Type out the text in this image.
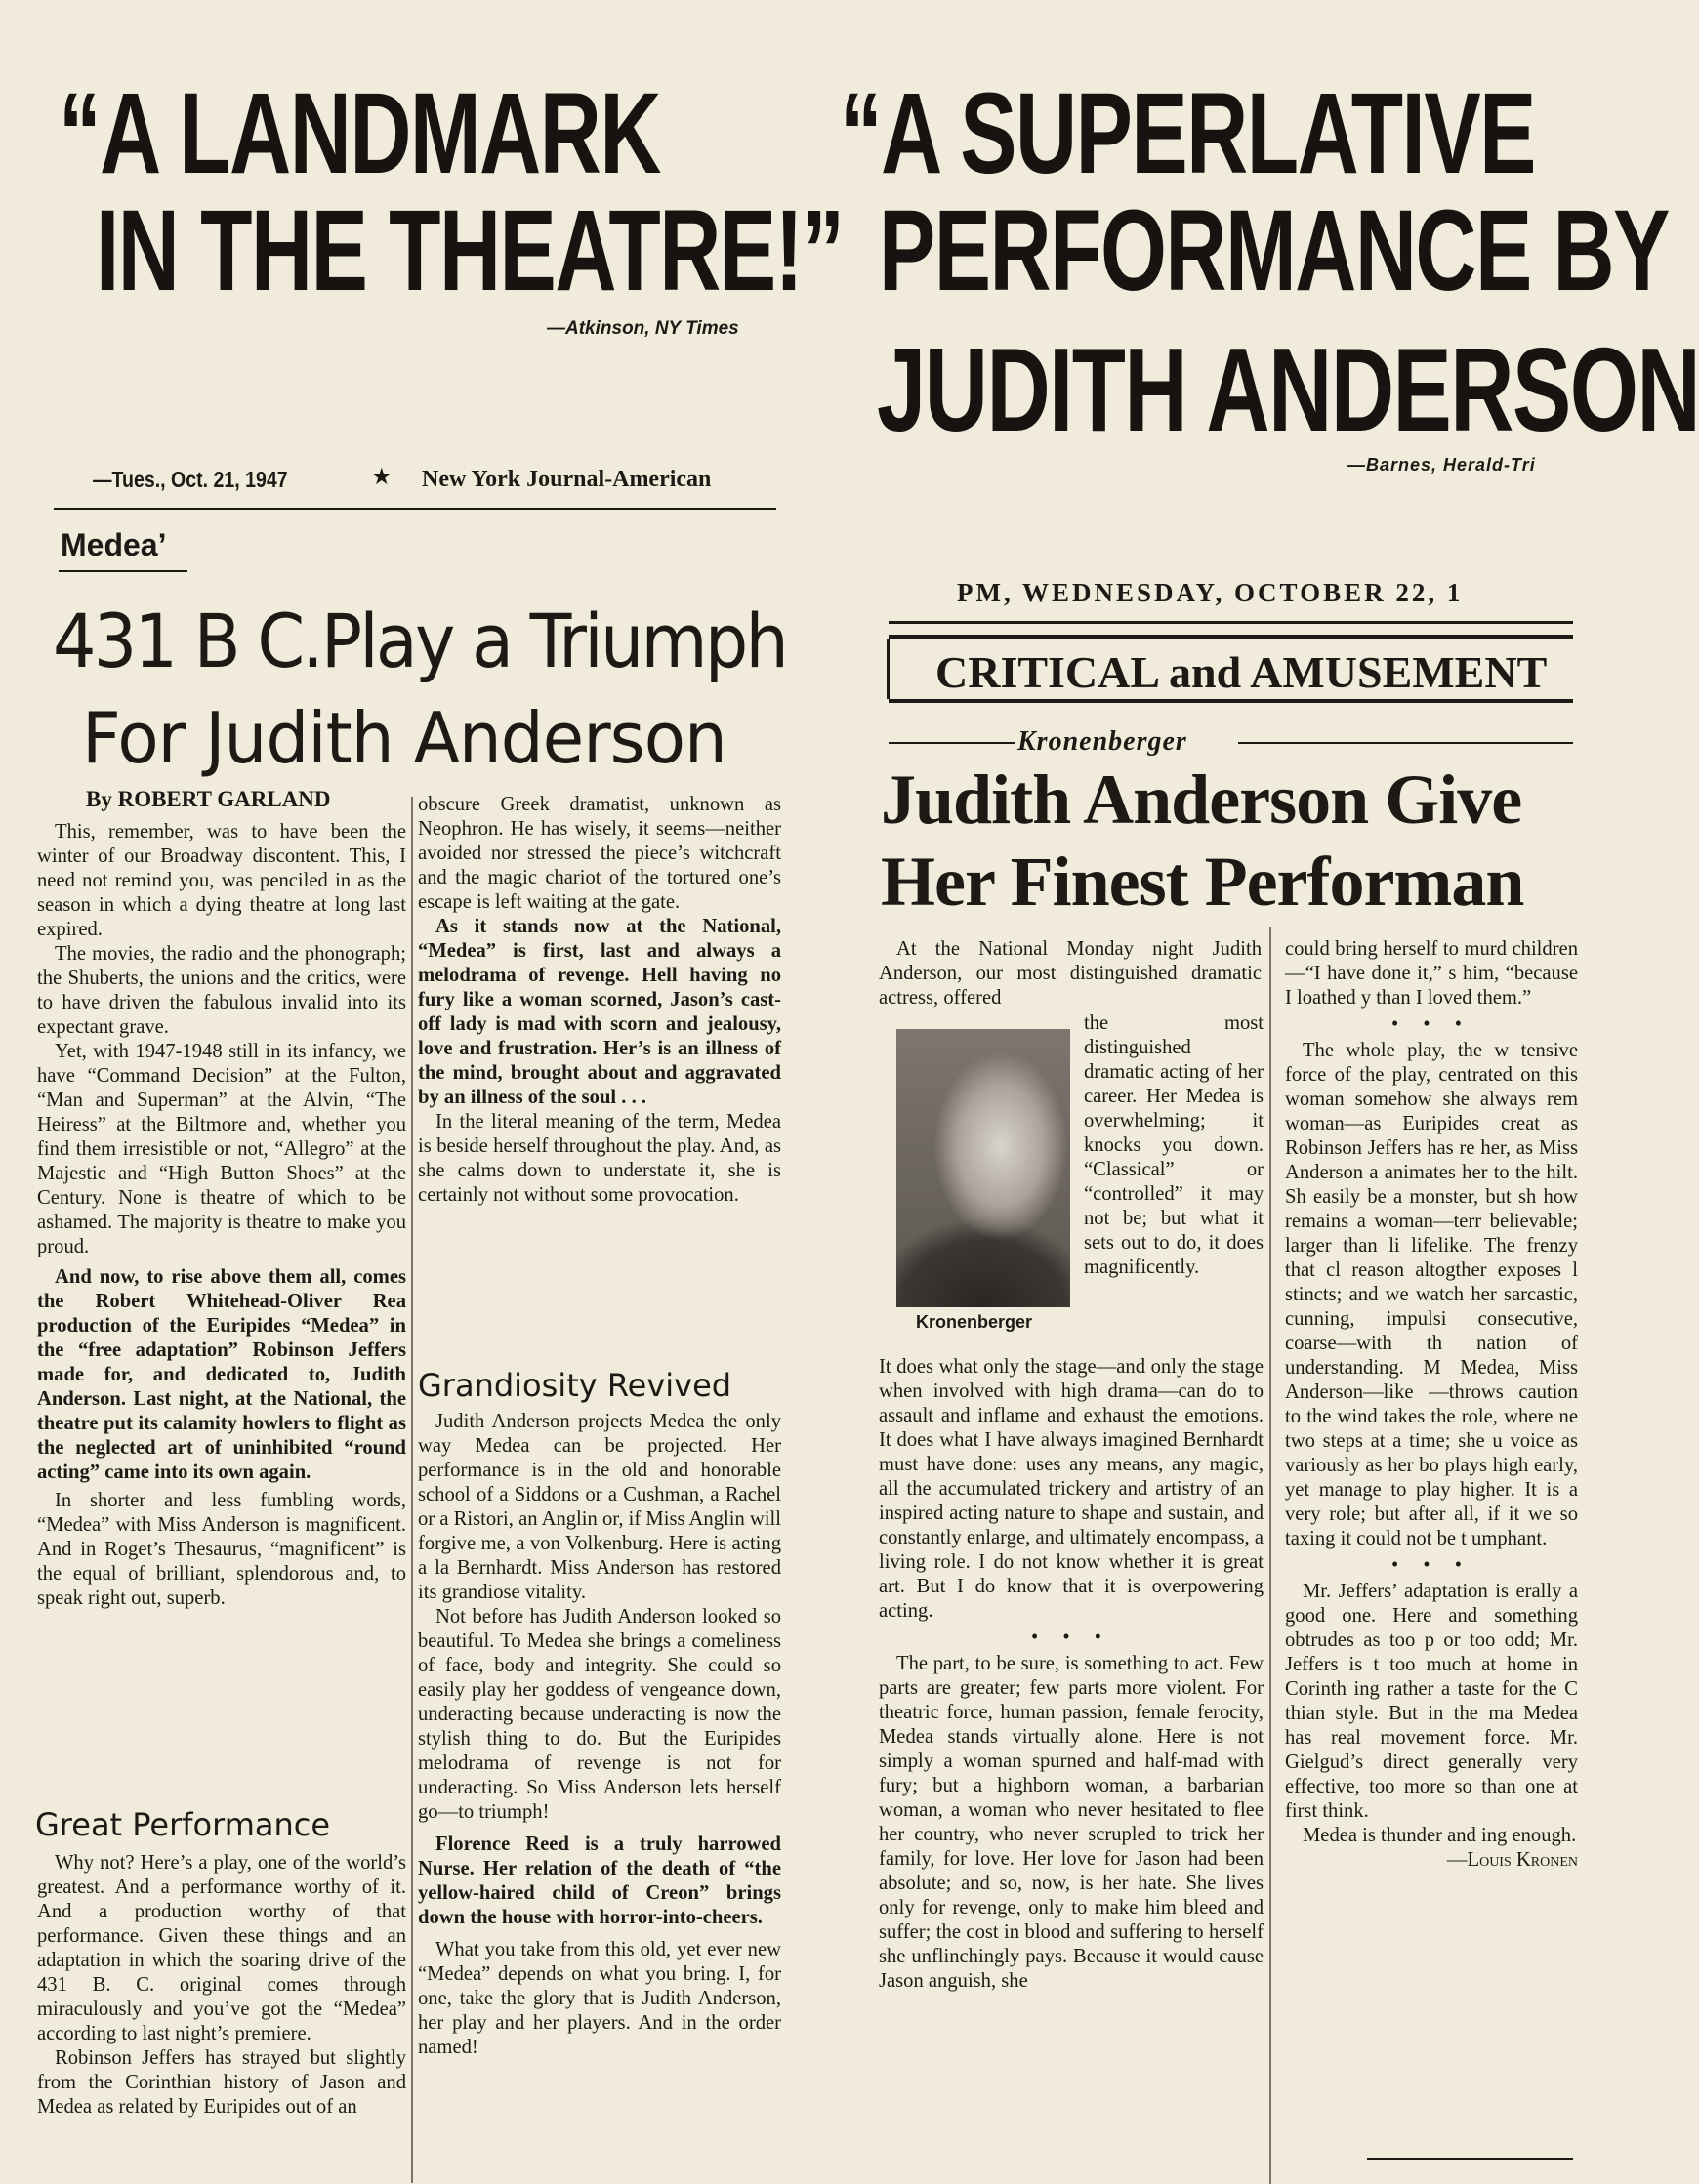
“A LANDMARK
IN THE THEATRE!”
—Atkinson, NY Times
“A SUPERLATIVE
PERFORMANCE BY
JUDITH ANDERSON
—Barnes, Herald-Tri
—Tues., Oct. 21, 1947	★ New York Journal-American
Medea’
431 B C.Play a Triumph
For Judith Anderson
By ROBERT GARLAND

This, remember, was to have been the winter of our Broadway discontent. This, I need not remind you, was penciled in as the season in which a dying theatre at long last expired.

The movies, the radio and the phonograph; the Shuberts, the unions and the critics, were to have driven the fabulous invalid into its expectant grave.

Yet, with 1947-1948 still in its infancy, we have “Command Decision” at the Fulton, “Man and Superman” at the Alvin, “The Heiress” at the Biltmore and, whether you find them irresistible or not, “Allegro” at the Majestic and “High Button Shoes” at the Century. None is theatre of which to be ashamed. The majority is theatre to make you proud.

And now, to rise above them all, comes the Robert Whitehead-Oliver Rea production of the Euripides “Medea” in the “free adaptation” Robinson Jeffers made for, and dedicated to, Judith Anderson. Last night, at the National, the theatre put its calamity howlers to flight as the neglected art of uninhibited “round acting” came into its own again.

In shorter and less fumbling words, “Medea” with Miss Anderson is magnificent. And in Roget’s Thesaurus, “magnificent” is the equal of brilliant, splendorous and, to speak right out, superb.

Great Performance

Why not? Here’s a play, one of the world’s greatest. And a performance worthy of it. And a production worthy of that performance. Given these things and an adaptation in which the soaring drive of the 431 B. C. original comes through miraculously and you’ve got the “Medea” according to last night’s premiere.

Robinson Jeffers has strayed but slightly from the Corinthian history of Jason and Medea as related by Euripides out of an

obscure Greek dramatist, unknown as Neophron. He has wisely, it seems—neither avoided nor stressed the piece’s witchcraft and the magic chariot of the tortured one’s escape is left waiting at the gate.

As it stands now at the National, “Medea” is first, last and always a melodrama of revenge. Hell having no fury like a woman scorned, Jason’s cast-off lady is mad with scorn and jealousy, love and frustration. Her’s is an illness of the mind, brought about and aggravated by an illness of the soul . . .

In the literal meaning of the term, Medea is beside herself throughout the play. And, as she calms down to understate it, she is certainly not without some provocation.

Grandiosity Revived

Judith Anderson projects Medea the only way Medea can be projected. Her performance is in the old and honorable school of a Siddons or a Cushman, a Rachel or a Ristori, an Anglin or, if Miss Anglin will forgive me, a von Volkenburg. Here is acting a la Bernhardt. Miss Anderson has restored its grandiose vitality.

Not before has Judith Anderson looked so beautiful. To Medea she brings a comeliness of face, body and integrity. She could so easily play her goddess of vengeance down, underacting because underacting is now the stylish thing to do. But the Euripides melodrama of revenge is not for underacting. So Miss Anderson lets herself go—to triumph!

Florence Reed is a truly harrowed Nurse. Her relation of the death of “the yellow-haired child of Creon” brings down the house with horror-into-cheers.

What you take from this old, yet ever new “Medea” depends on what you bring. I, for one, take the glory that is Judith Anderson, her play and her players. And in the order named!

PM, WEDNESDAY, OCTOBER 22, 1
CRITICAL and AMUSEMENT
Kronenberger
Judith Anderson Give
Her Finest Performan

At the National Monday night Judith Anderson, our most distinguished dramatic actress, offered

Kronenberger

the most distinguished dramatic acting of her career. Her Medea is overwhelming; it knocks you down. “Classical” or “controlled” it may not be; but what it sets out to do, it does magnificently.

It does what only the stage—and only the stage when involved with high drama—can do to assault and inflame and exhaust the emotions. It does what I have always imagined Bernhardt must have done: uses any means, any magic, all the accumulated trickery and artistry of an inspired acting nature to shape and sustain, and constantly enlarge, and ultimately encompass, a living role. I do not know whether it is great art. But I do know that it is overpowering acting.

• • •

The part, to be sure, is something to act. Few parts are greater; few parts more violent. For theatric force, human passion, female ferocity, Medea stands virtually alone. Here is not simply a woman spurned and half-mad with fury; but a highborn woman, a barbarian woman, a woman who never hesitated to flee her country, who never scrupled to trick her family, for love. Her love for Jason had been absolute; and so, now, is her hate. She lives only for revenge, only to make him bleed and suffer; the cost in blood and suffering to herself she unflinchingly pays. Because it would cause Jason anguish, she

could bring herself to murd children—“I have done it,” s him, “because I loathed y than I loved them.”

• • •

The whole play, the w tensive force of the play, centrated on this woman somehow she always rem woman—as Euripides creat as Robinson Jeffers has re her, as Miss Anderson a animates her to the hilt. Sh easily be a monster, but sh how remains a woman—terr believable; larger than li lifelike. The frenzy that cl reason altogther exposes l stincts; and we watch her sarcastic, cunning, impulsi consecutive, coarse—with th nation of understanding. M Medea, Miss Anderson—like —throws caution to the wind takes the role, where ne two steps at a time; she u voice as variously as her bo plays high early, yet manage to play higher. It is a very role; but after all, if it we so taxing it could not be t umphant.

• • •

Mr. Jeffers’ adaptation is erally a good one. Here and something obtrudes as too p or too odd; Mr. Jeffers is t too much at home in Corinth ing rather a taste for the C thian style. But in the ma Medea has real movement force. Mr. Gielgud’s direct generally very effective, too more so than one at first think.

Medea is thunder and ing enough.

—Louis Kronen
